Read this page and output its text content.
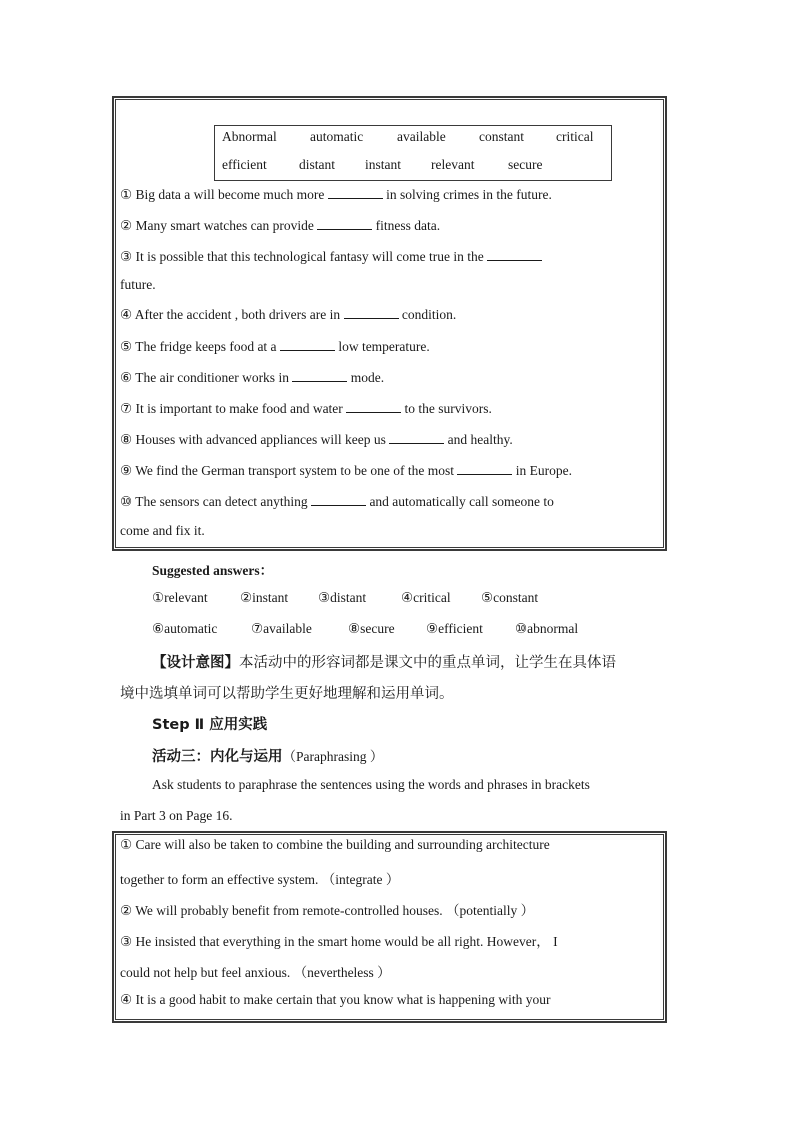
Abnormal automatic	available constant critical
efficient distant instant relevant secure
① Big data a will become much more	in solving crimes in the future.
② Many smart watches can provide	fitness data.
③ It is possible that this technological fantasy will come true in the
future.
④ After the accident , both drivers are in	condition.
⑤ The fridge keeps food at a	low temperature.
⑥ The air conditioner works in	mode.
⑦ It is important to make food and water	to the survivors.
⑧ Houses with advanced appliances will keep us	and healthy.
⑨ We find the German transport system to be one of the most	in Europe.
⑩ The sensors can detect anything	and automatically call someone to
come and fix it.
Suggested answers：
①relevant ②instant ③distant	④critical ⑤constant
⑥automatic ⑦available	⑧secure ⑨efficient ⑩abnormal
【设计意图】本活动中的形容词都是课文中的重点单词，让学生在具体语
境中选填单词可以帮助学生更好地理解和运用单词。
Step Ⅱ 应用实践
活动三：内化与运用（Paraphrasing ）
Ask students to paraphrase the sentences using the words and phrases in brackets
in Part 3 on Page 16.
① Care will also be taken to combine the building and surrounding architecture
together to form an effective system. （integrate ）
② We will probably benefit from remote-controlled houses. （potentially ）
③ He insisted that everything in the smart home would be all right. However， I
could not help but feel anxious. （nevertheless ）
④ It is a good habit to make certain that you know what is happening with your
